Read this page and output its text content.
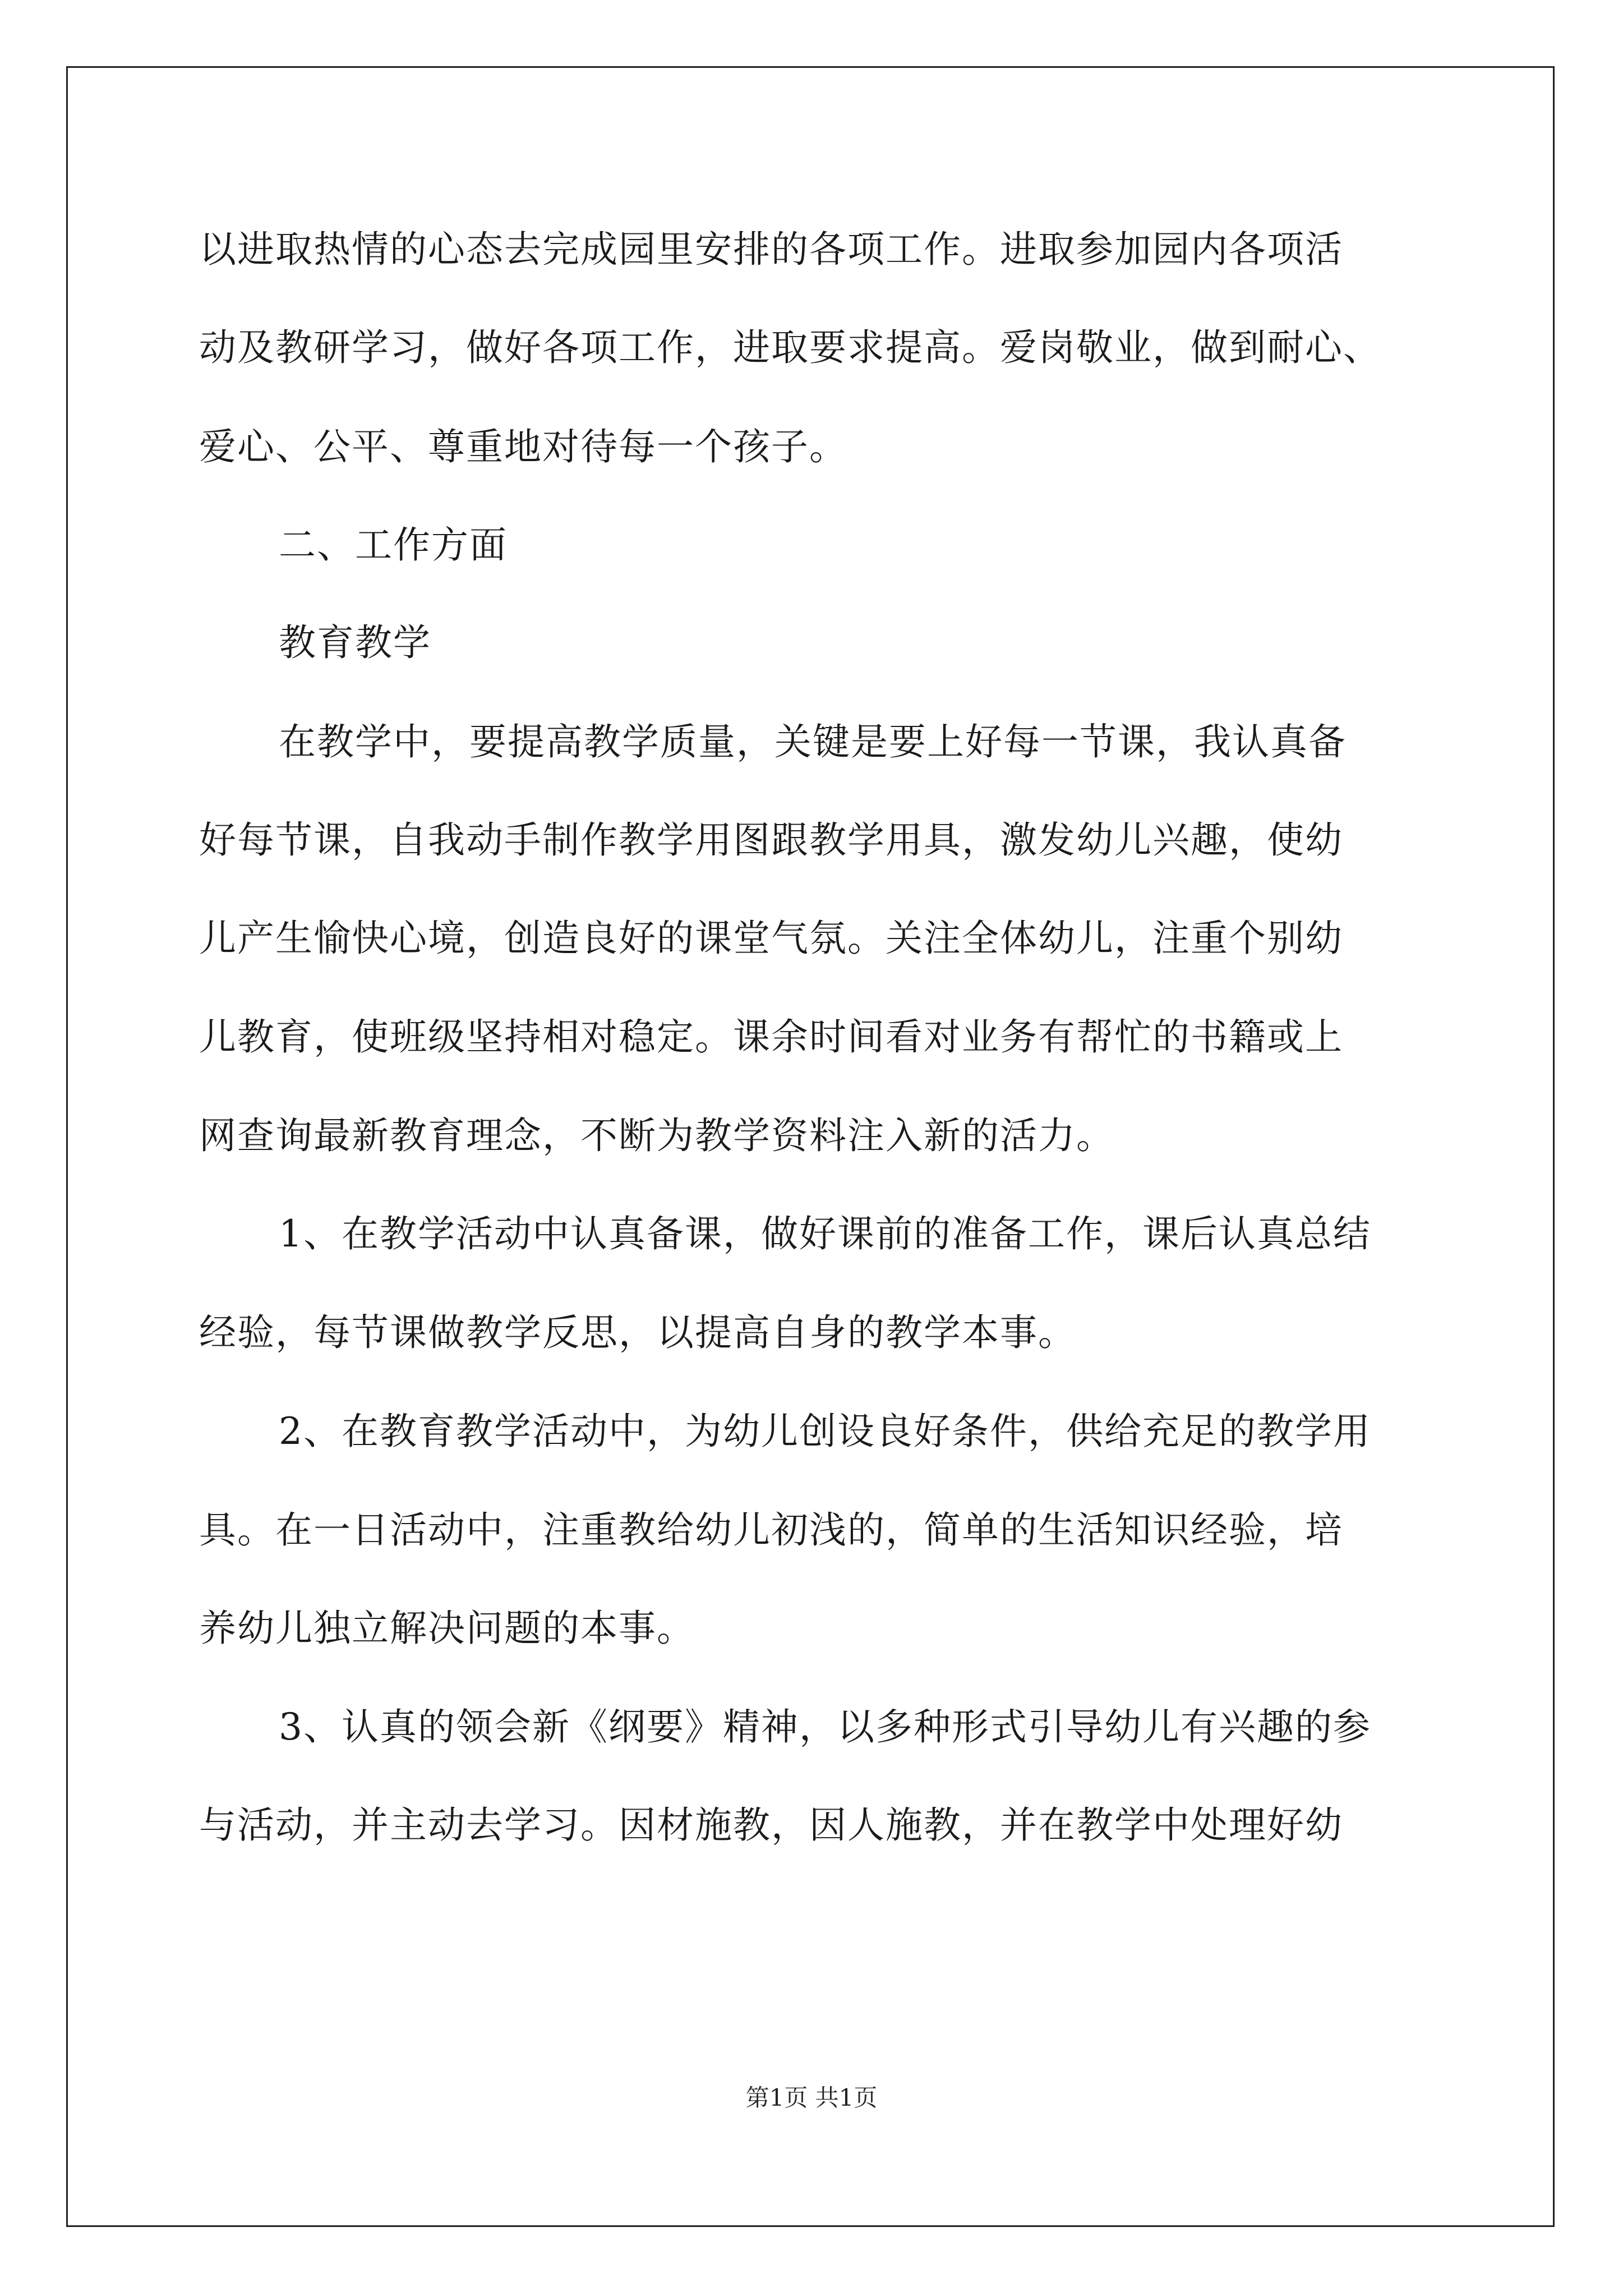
以进取热情的心态去完成园里安排的各项工作。进取参加园内各项活
动及教研学习，做好各项工作，进取要求提高。爱岗敬业，做到耐心、
爱心、公平、尊重地对待每一个孩子。
二、工作方面
教育教学
在教学中，要提高教学质量，关键是要上好每一节课，我认真备
好每节课，自我动手制作教学用图跟教学用具，激发幼儿兴趣，使幼
儿产生愉快心境，创造良好的课堂气氛。关注全体幼儿，注重个别幼
儿教育，使班级坚持相对稳定。课余时间看对业务有帮忙的书籍或上
网查询最新教育理念，不断为教学资料注入新的活力。
1、在教学活动中认真备课，做好课前的准备工作，课后认真总结
经验，每节课做教学反思，以提高自身的教学本事。
2、在教育教学活动中，为幼儿创设良好条件，供给充足的教学用
具。在一日活动中，注重教给幼儿初浅的，简单的生活知识经验，培
养幼儿独立解决问题的本事。
3、认真的领会新《纲要》精神，以多种形式引导幼儿有兴趣的参
与活动，并主动去学习。因材施教，因人施教，并在教学中处理好幼
第1页 共1页
